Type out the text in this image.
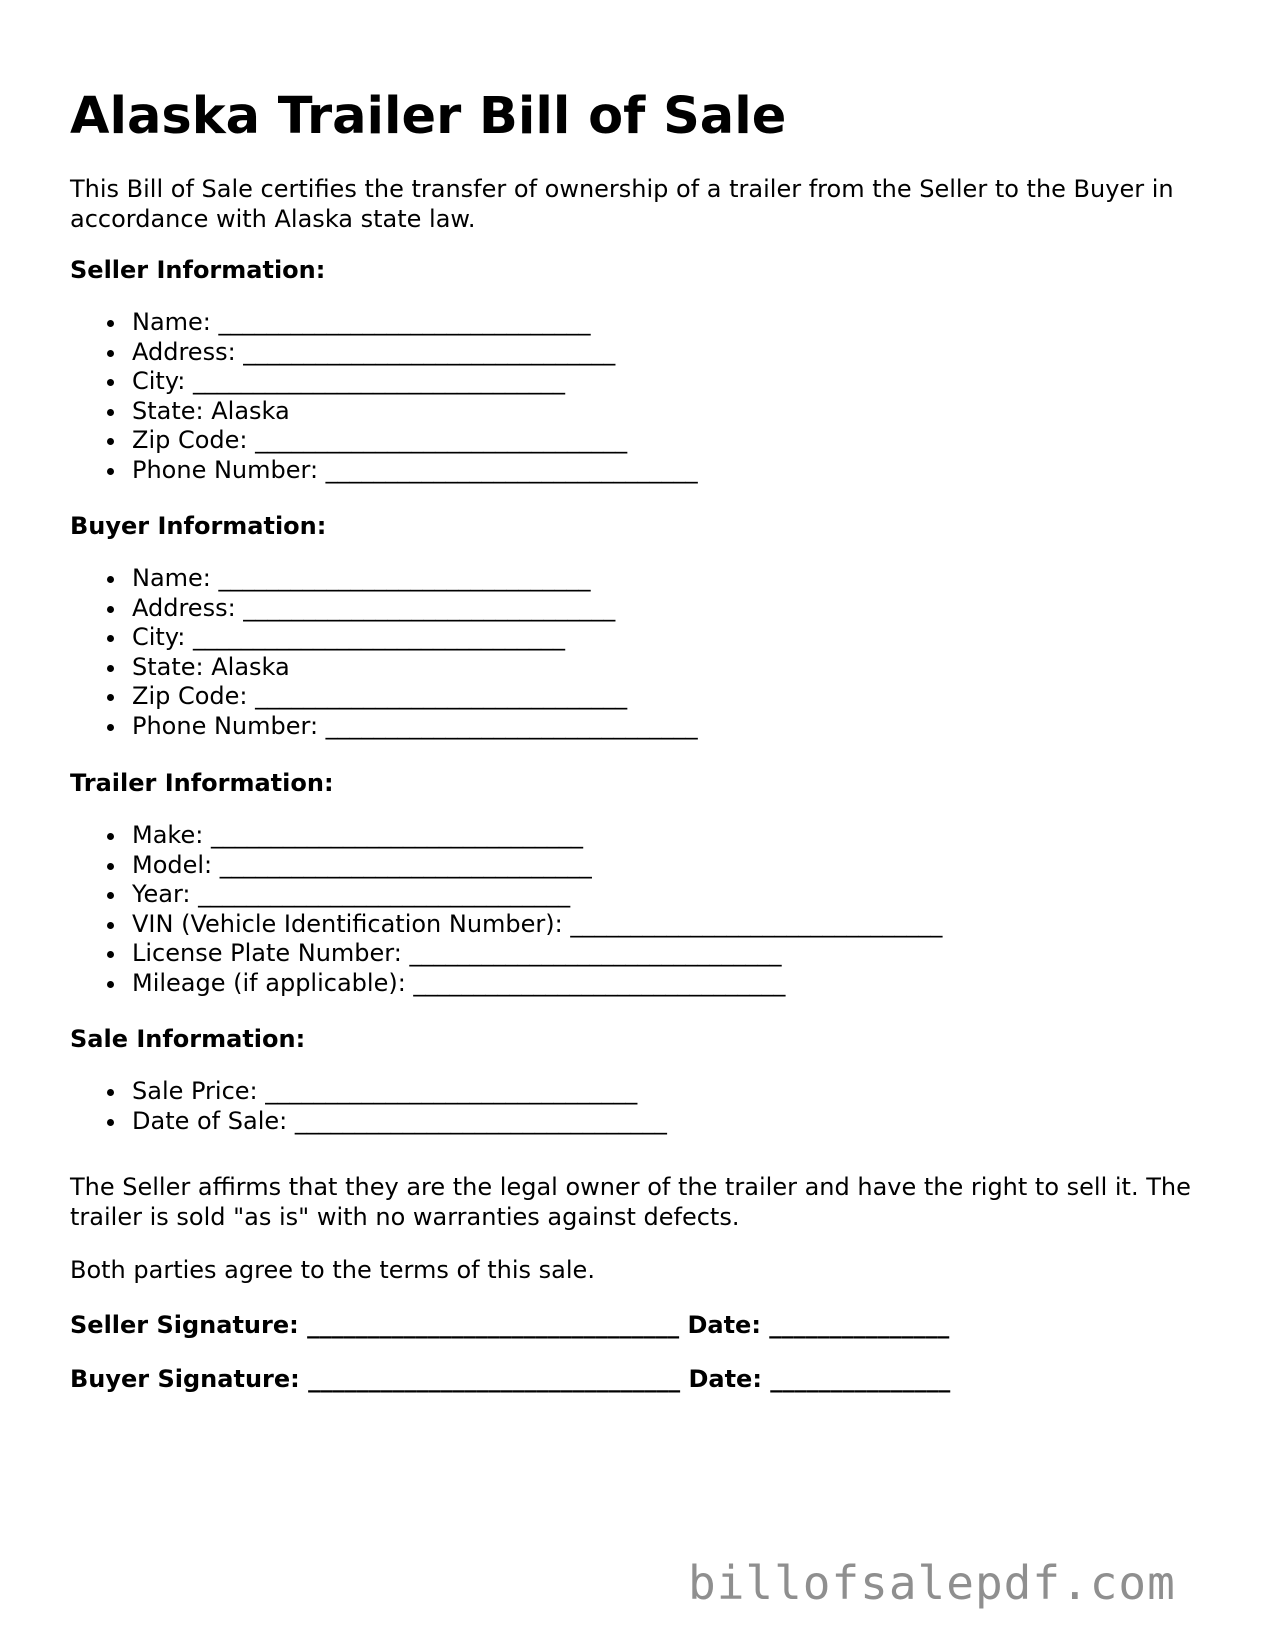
Alaska Trailer Bill of Sale

This Bill of Sale certifies the transfer of ownership of a trailer from the Seller to the Buyer in accordance with Alaska state law.

Seller Information:

Name: _______________________________
Address: _______________________________
City: _______________________________
State: Alaska
Zip Code: _______________________________
Phone Number: _______________________________

Buyer Information:

Name: _______________________________
Address: _______________________________
City: _______________________________
State: Alaska
Zip Code: _______________________________
Phone Number: _______________________________

Trailer Information:

Make: _______________________________
Model: _______________________________
Year: _______________________________
VIN (Vehicle Identification Number): _______________________________
License Plate Number: _______________________________
Mileage (if applicable): _______________________________

Sale Information:

Sale Price: _______________________________
Date of Sale: _______________________________

The Seller affirms that they are the legal owner of the trailer and have the right to sell it. The trailer is sold "as is" with no warranties against defects.

Both parties agree to the terms of this sale.

Seller Signature: _______________________________ Date: _______________
Buyer Signature: _______________________________ Date: _______________
billofsalepdf.com
